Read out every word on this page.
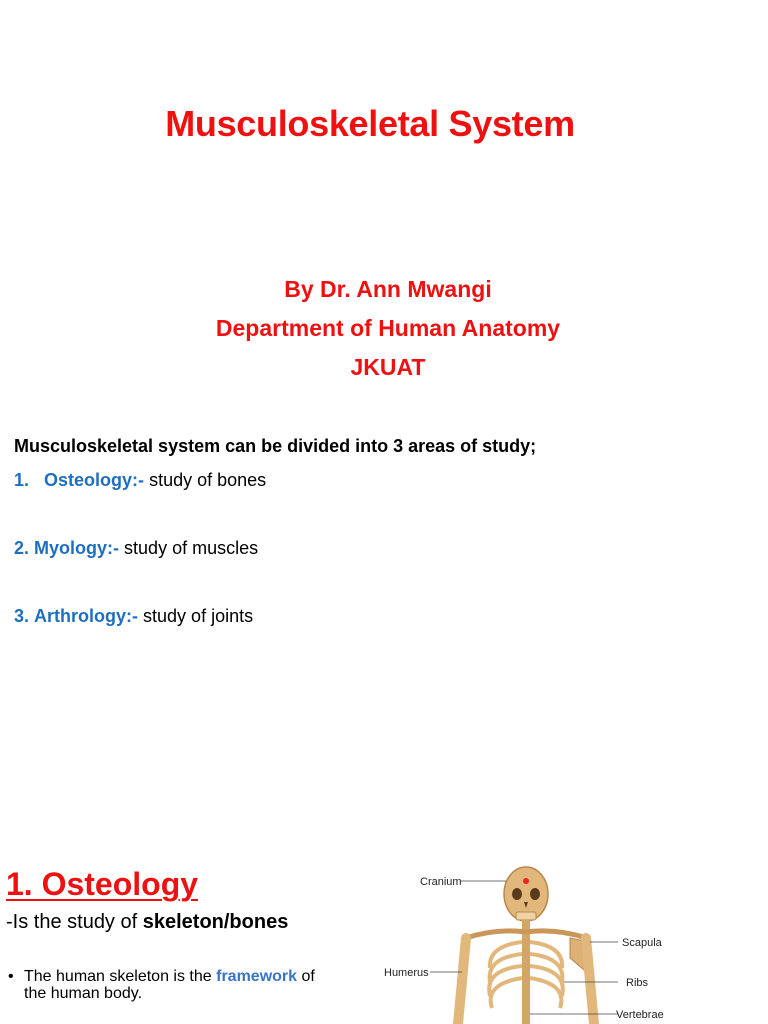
Musculoskeletal System
By Dr. Ann Mwangi
Department of Human Anatomy
JKUAT
Musculoskeletal system can be divided into 3 areas of study;
1. Osteology:- study of bones
2. Myology:- study of muscles
3. Arthrology:- study of joints
1. Osteology
-Is the study of skeleton/bones
• The human skeleton is the framework of
the human body.
Cranium
Scapula
Humerus
Ribs
Vertebrae
